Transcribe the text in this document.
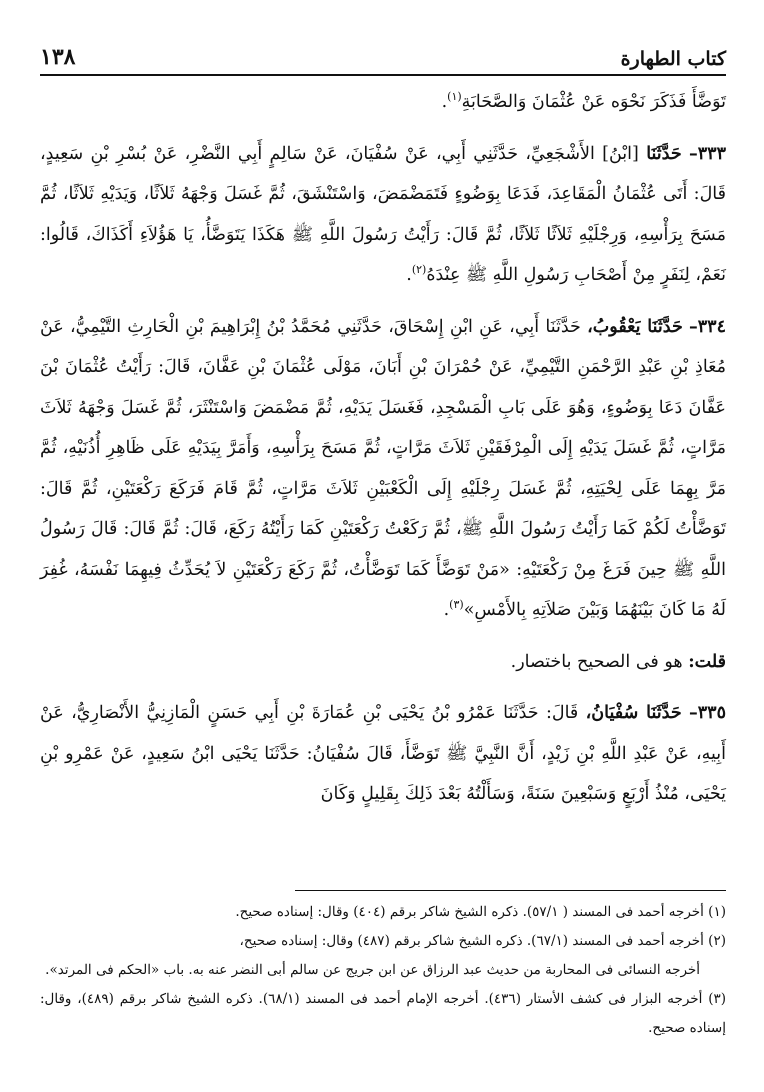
كتاب الطهارة
١٣٨

تَوَضَّأَ فَذَكَرَ نَحْوَه عَنْ عُثْمَانَ وَالصَّحَابَةِ$^{(١)}$.

٣٣٣– حَدَّثَنَا [ابْنُ] الأَشْجَعِيِّ، حَدَّثَنِي أَبِي، عَنْ سُفْيَانَ، عَنْ سَالِمٍ أَبِي النَّضْرِ، عَنْ بُسْرِ بْنِ سَعِيدٍ، قَالَ: أَتَى عُثْمَانُ الْمَقَاعِدَ، فَدَعَا بِوَضُوءٍ فَتَمَضْمَضَ، وَاسْتَنْشَقَ، ثُمَّ غَسَلَ وَجْهَهُ ثَلاَثًا، وَيَدَيْهِ ثَلاَثًا، ثُمَّ مَسَحَ بِرَأْسِهِ، وَرِجْلَيْهِ ثَلاَثًا ثَلاَثًا، ثُمَّ قَالَ: رَأَيْتُ رَسُولَ اللَّهِ ﷺ هَكَذَا يَتَوَضَّأُ، يَا هَؤُلاَءِ أَكَذَاكَ، قَالُوا: نَعَمْ، لِنَفَرٍ مِنْ أَصْحَابِ رَسُولِ اللَّهِ ﷺ عِنْدَهُ$^{(٢)}$.

٣٣٤– حَدَّثَنَا يَعْقُوبُ، حَدَّثَنَا أَبِي، عَنِ ابْنِ إِسْحَاقَ، حَدَّثَنِي مُحَمَّدُ بْنُ إِبْرَاهِيمَ بْنِ الْحَارِثِ التَّيْمِيُّ، عَنْ مُعَاذِ بْنِ عَبْدِ الرَّحْمَنِ التَّيْمِيِّ، عَنْ حُمْرَانَ بْنِ أَبَانَ، مَوْلَى عُثْمَانَ بْنِ عَفَّانَ، قَالَ: رَأَيْتُ عُثْمَانَ بْنَ عَفَّانَ دَعَا بِوَضُوءٍ، وَهُوَ عَلَى بَابِ الْمَسْجِدِ، فَغَسَلَ يَدَيْهِ، ثُمَّ مَضْمَضَ وَاسْتَنْثَرَ، ثُمَّ غَسَلَ وَجْهَهُ ثَلاَثَ مَرَّاتٍ، ثُمَّ غَسَلَ يَدَيْهِ إِلَى الْمِرْفَقَيْنِ ثَلاَثَ مَرَّاتٍ، ثُمَّ مَسَحَ بِرَأْسِهِ، وَأَمَرَّ بِيَدَيْهِ عَلَى ظَاهِرِ أُذُنَيْهِ، ثُمَّ مَرَّ بِهِمَا عَلَى لِحْيَتِهِ، ثُمَّ غَسَلَ رِجْلَيْهِ إِلَى الْكَعْبَيْنِ ثَلاَثَ مَرَّاتٍ، ثُمَّ قَامَ فَرَكَعَ رَكْعَتَيْنِ، ثُمَّ قَالَ: تَوَضَّأْتُ لَكُمْ كَمَا رَأَيْتُ رَسُولَ اللَّهِ ﷺ، ثُمَّ رَكَعْتُ رَكْعَتَيْنِ كَمَا رَأَيْتُهُ رَكَعَ، قَالَ: ثُمَّ قَالَ: قَالَ رَسُولُ اللَّهِ ﷺ حِينَ فَرَغَ مِنْ رَكْعَتَيْهِ: «مَنْ تَوَضَّأَ كَمَا تَوَضَّأْتُ، ثُمَّ رَكَعَ رَكْعَتَيْنِ لاَ يُحَدِّثُ فِيهِمَا نَفْسَهُ، غُفِرَ لَهُ مَا كَانَ بَيْنَهُمَا وَبَيْنَ صَلاَتِهِ بِالأَمْسِ»$^{(٣)}$.

قلت: هو فى الصحيح باختصار.

٣٣٥– حَدَّثَنَا سُفْيَانُ، قَالَ: حَدَّثَنَا عَمْرُو بْنُ يَحْيَى بْنِ عُمَارَةَ بْنِ أَبِي حَسَنٍ الْمَازِنِيُّ الأَنْصَارِيُّ، عَنْ أَبِيهِ، عَنْ عَبْدِ اللَّهِ بْنِ زَيْدٍ، أَنَّ النَّبِيَّ ﷺ تَوَضَّأَ، قَالَ سُفْيَانُ: حَدَّثَنَا يَحْيَى ابْنُ سَعِيدٍ، عَنْ عَمْرِو بْنِ يَحْيَى، مُنْذُ أَرْبَعٍ وَسَبْعِينَ سَنَةً، وَسَأَلْتُهُ بَعْدَ ذَلِكَ بِقَلِيلٍ وَكَانَ

(١) أخرجه أحمد فى المسند ( ٥٧/١). ذكره الشيخ شاكر برقم (٤٠٤) وقال: إسناده صحيح.

(٢) أخرجه أحمد فى المسند (٦٧/١). ذكره الشيخ شاكر برقم (٤٨٧) وقال: إسناده صحيح،

أخرجه النسائى فى المحاربة من حديث عبد الرزاق عن ابن جريج عن سالم أبى النضر عنه به. باب «الحكم فى المرتد».

(٣) أخرجه البزار فى كشف الأستار (٤٣٦). أخرجه الإمام أحمد فى المسند (٦٨/١). ذكره الشيخ شاكر برقم (٤٨٩)، وقال: إسناده صحيح.
